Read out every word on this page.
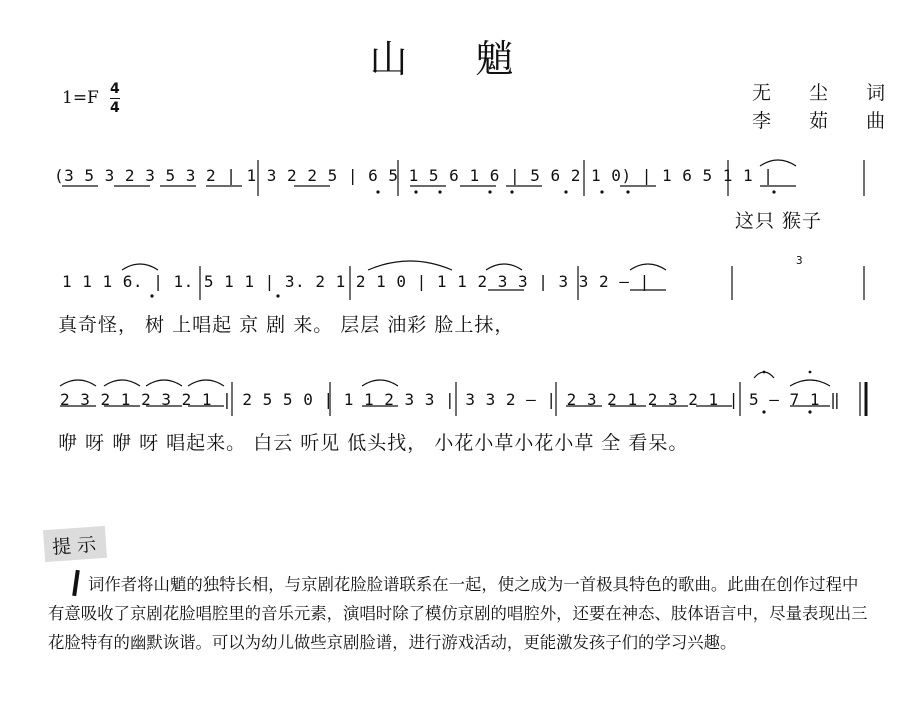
山 魈
1=F 4
4
无 尘 词
李 茹 曲
(3 5 3 2 3 5 3 2 | 1 3 2 2 5 | 6 5 1 5 6 1 6 | 5 6 2 1 0) | 1 6 5 1 1 |
这只 猴子
1 1 1 6. | 1. 5 1 1 | 3. 2 1 2 1 0 | 1 1 2 3 3 | 3 3 2 – |
3
真奇怪， 树 上唱起 京 剧 来。 层层 油彩 脸上抹，
2 3 2 1 2 3 2 1 | 2 5 5 0 | 1 1 2 3 3 | 3 3 2 – | 2 3 2 1 2 3 2 1 | 5 – 7 1 ‖
咿 呀 咿 呀 唱起来。 白云 听见 低头找， 小花小草小花小草 全 看呆。
提示
词作者将山魈的独特长相，与京剧花脸脸谱联系在一起，使之成为一首极具特色的歌曲。此曲在创作过程中有意吸收了京剧花脸唱腔里的音乐元素，演唱时除了模仿京剧的唱腔外，还要在神态、肢体语言中，尽量表现出三花脸特有的幽默诙谐。可以为幼儿做些京剧脸谱，进行游戏活动，更能激发孩子们的学习兴趣。
